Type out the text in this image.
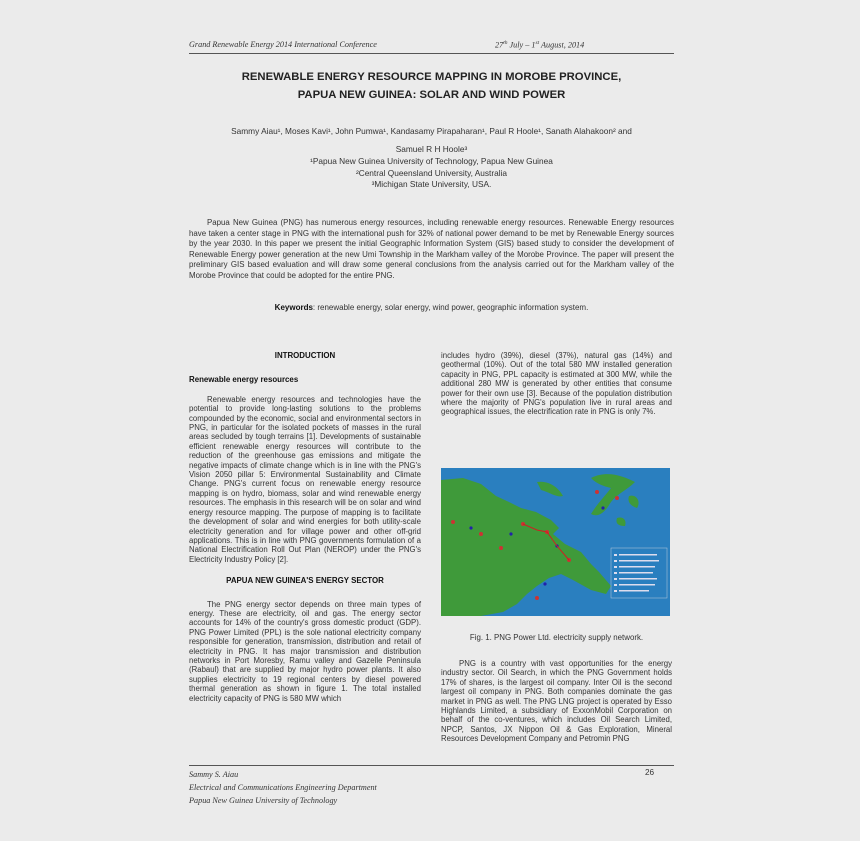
Grand Renewable Energy 2014 International Conference	27th July – 1st August, 2014
RENEWABLE ENERGY RESOURCE MAPPING IN MOROBE PROVINCE,
PAPUA NEW GUINEA: SOLAR AND WIND POWER
Sammy Aiau¹, Moses Kavi¹, John Pumwa¹, Kandasamy Pirapaharan¹, Paul R Hoole¹, Sanath Alahakoon² and
Samuel R H Hoole³
¹Papua New Guinea University of Technology, Papua New Guinea
²Central Queensland University, Australia
³Michigan State University, USA.
Papua New Guinea (PNG) has numerous energy resources, including renewable energy resources. Renewable Energy resources have taken a center stage in PNG with the international push for 32% of national power demand to be met by Renewable Energy sources by the year 2030. In this paper we present the initial Geographic Information System (GIS) based study to consider the development of Renewable Energy power generation at the new Umi Township in the Markham valley of the Morobe Province. The paper will present the preliminary GIS based evaluation and will draw some general conclusions from the analysis carried out for the Markham valley of the Morobe Province that could be adopted for the entire PNG.
Keywords: renewable energy, solar energy, wind power, geographic information system.
INTRODUCTION
Renewable energy resources
Renewable energy resources and technologies have the potential to provide long-lasting solutions to the problems compounded by the economic, social and environmental sectors in PNG, in particular for the isolated pockets of masses in the rural areas secluded by tough terrains [1]. Developments of sustainable efficient renewable energy resources will contribute to the reduction of the greenhouse gas emissions and mitigate the negative impacts of climate change which is in line with the PNG's Vision 2050 pillar 5: Environmental Sustainability and Climate Change. PNG's current focus on renewable energy resource mapping is on hydro, biomass, solar and wind renewable energy resources. The emphasis in this research will be on solar and wind energy resource mapping. The purpose of mapping is to facilitate the development of solar and wind energies for both utility-scale electricity generation and for village power and other off-grid applications. This is in line with PNG governments formulation of a National Electrification Roll Out Plan (NEROP) under the PNG's Electricity Industry Policy [2].
PAPUA NEW GUINEA'S ENERGY SECTOR
The PNG energy sector depends on three main types of energy. These are electricity, oil and gas. The energy sector accounts for 14% of the country's gross domestic product (GDP). PNG Power Limited (PPL) is the sole national electricity company responsible for generation, transmission, distribution and retail of electricity in PNG. It has major transmission and distribution networks in Port Moresby, Ramu valley and Gazelle Peninsula (Rabaul) that are supplied by major hydro power plants. It also supplies electricity to 19 regional centers by diesel powered thermal generation as shown in figure 1. The total installed electricity capacity of PNG is 580 MW which
includes hydro (39%), diesel (37%), natural gas (14%) and geothermal (10%). Out of the total 580 MW installed generation capacity in PNG, PPL capacity is estimated at 300 MW, while the additional 280 MW is generated by other entities that consume power for their own use [3]. Because of the population distribution where the majority of PNG's population live in rural areas and geographical issues, the electrification rate in PNG is only 7%.
Fig. 1. PNG Power Ltd. electricity supply network.
PNG is a country with vast opportunities for the energy industry sector. Oil Search, in which the PNG Government holds 17% of shares, is the largest oil company. Inter Oil is the second largest oil company in PNG. Both companies dominate the gas market in PNG as well. The PNG LNG project is operated by Esso Highlands Limited, a subsidiary of ExxonMobil Corporation on behalf of the co-ventures, which includes Oil Search Limited, NPCP, Santos, JX Nippon Oil & Gas Exploration, Mineral Resources Development Company and Petromin PNG
Sammy S. Aiau
Electrical and Communications Engineering Department
Papua New Guinea University of Technology
26
